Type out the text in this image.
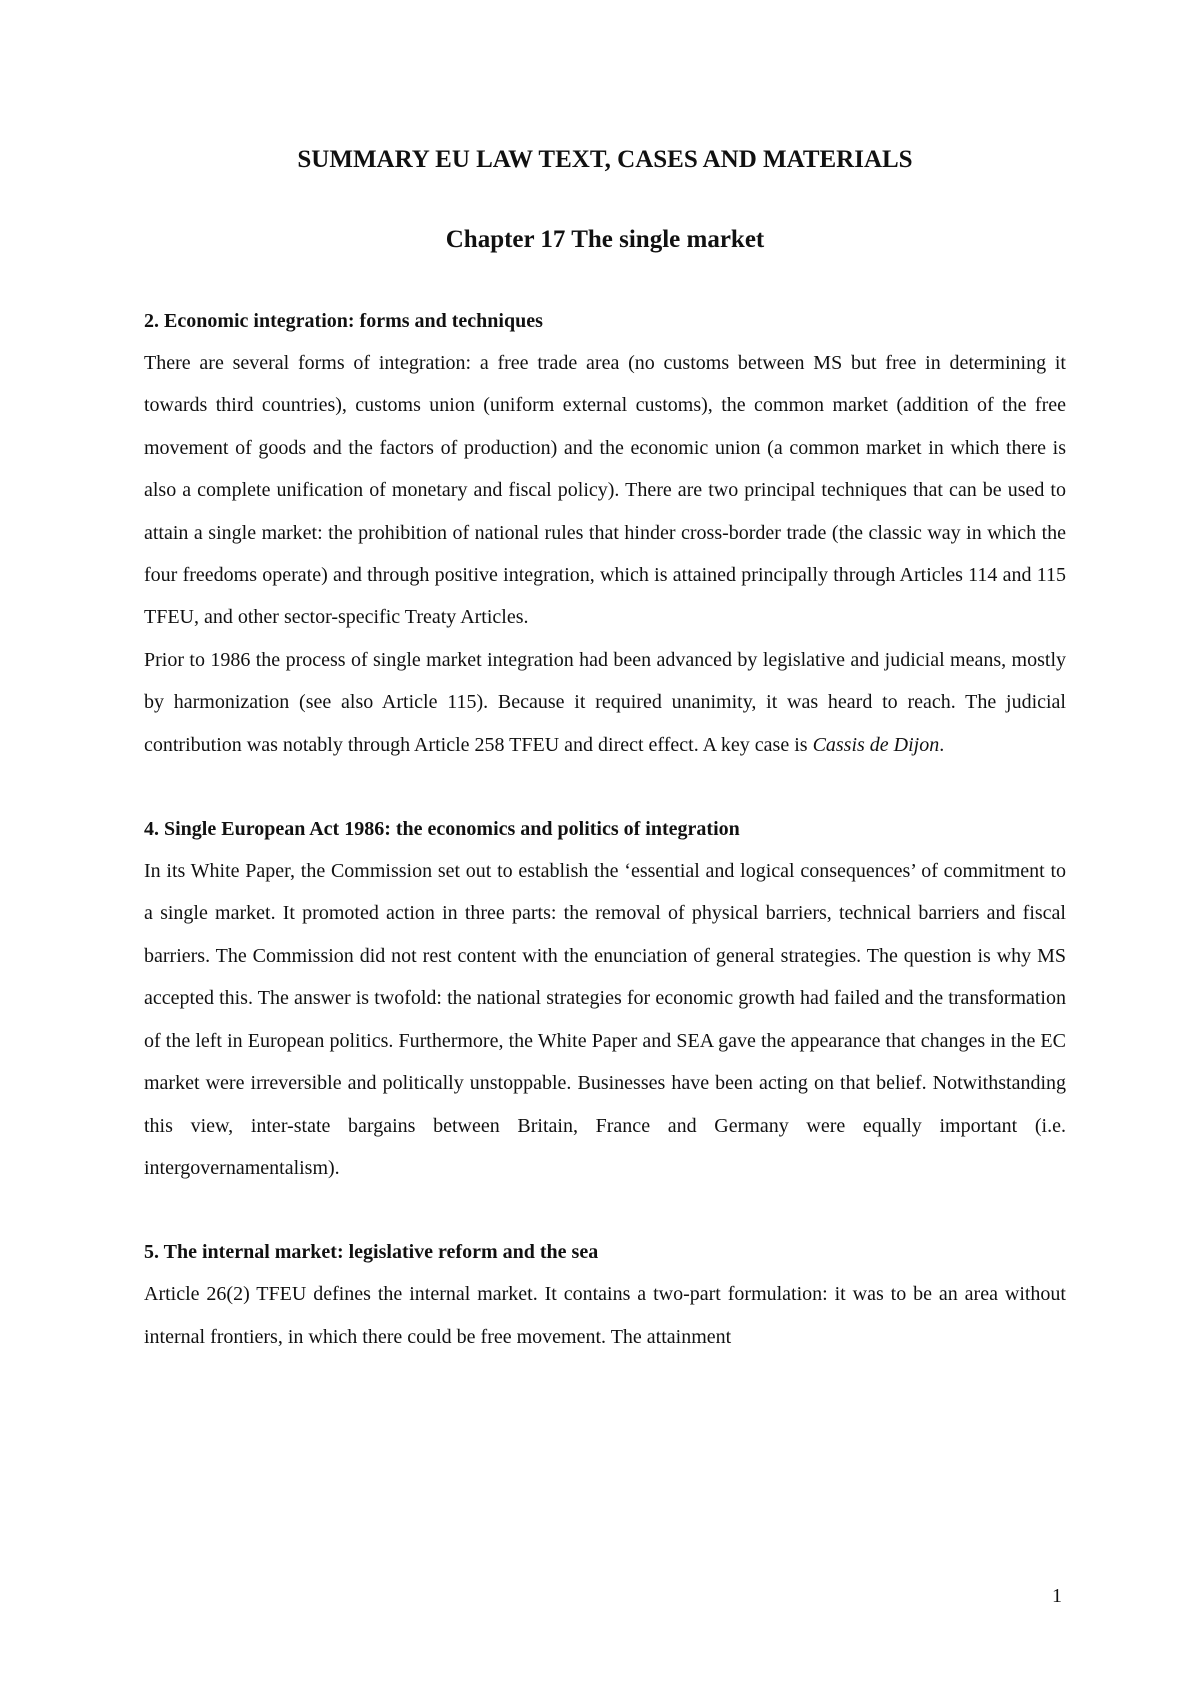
SUMMARY EU LAW TEXT, CASES AND MATERIALS
Chapter 17 The single market
2. Economic integration: forms and techniques

There are several forms of integration: a free trade area (no customs between MS but free in determining it towards third countries), customs union (uniform external customs), the common market (addition of the free movement of goods and the factors of production) and the economic union (a common market in which there is also a complete unification of monetary and fiscal policy). There are two principal techniques that can be used to attain a single market: the prohibition of national rules that hinder cross-border trade (the classic way in which the four freedoms operate) and through positive integration, which is attained principally through Articles 114 and 115 TFEU, and other sector-specific Treaty Articles.

Prior to 1986 the process of single market integration had been advanced by legislative and judicial means, mostly by harmonization (see also Article 115). Because it required unanimity, it was heard to reach. The judicial contribution was notably through Article 258 TFEU and direct effect. A key case is Cassis de Dijon.

4. Single European Act 1986: the economics and politics of integration

In its White Paper, the Commission set out to establish the ‘essential and logical consequences’ of commitment to a single market. It promoted action in three parts: the removal of physical barriers, technical barriers and fiscal barriers. The Commission did not rest content with the enunciation of general strategies. The question is why MS accepted this. The answer is twofold: the national strategies for economic growth had failed and the transformation of the left in European politics. Furthermore, the White Paper and SEA gave the appearance that changes in the EC market were irreversible and politically unstoppable. Businesses have been acting on that belief. Notwithstanding this view, inter-state bargains between Britain, France and Germany were equally important (i.e. intergovernamentalism).

5. The internal market: legislative reform and the sea

Article 26(2) TFEU defines the internal market. It contains a two-part formulation: it was to be an area without internal frontiers, in which there could be free movement. The attainment

1
